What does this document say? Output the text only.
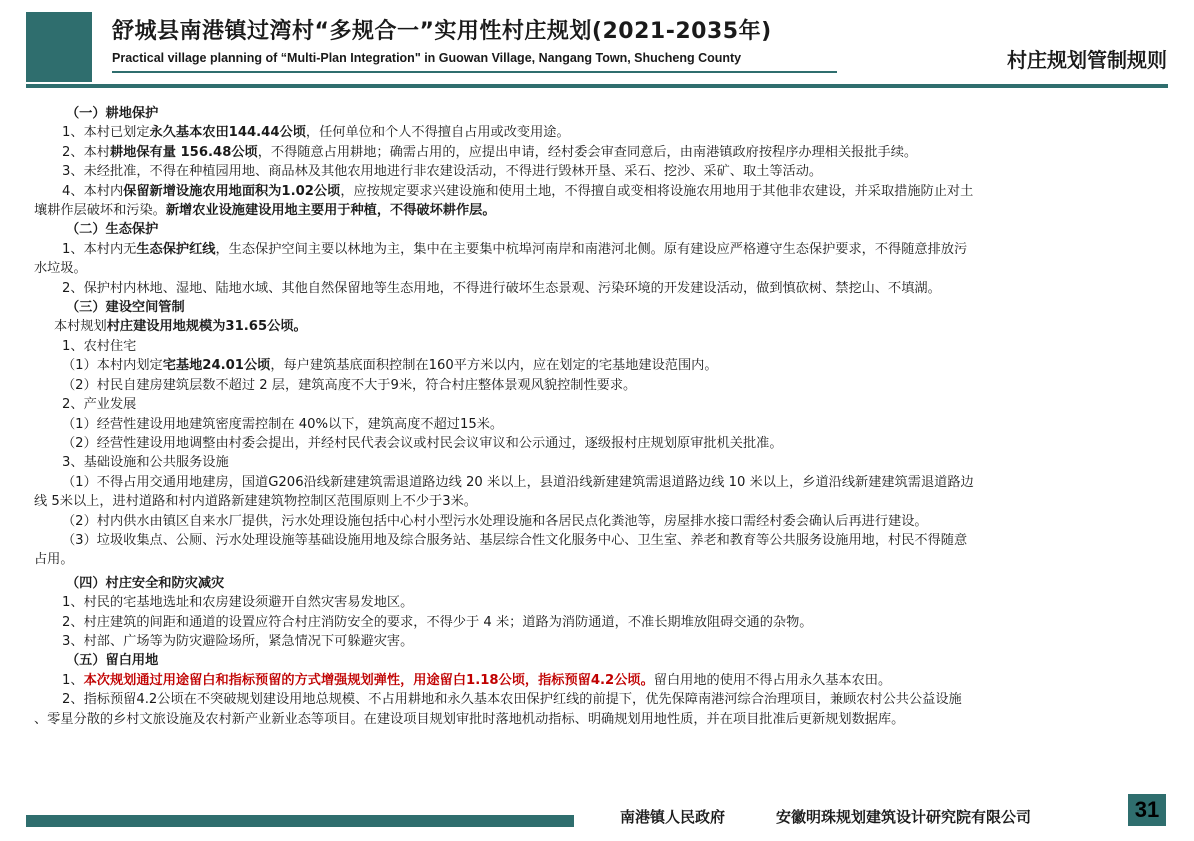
舒城县南港镇过湾村“多规合一”实用性村庄规划(2021-2035年)
Practical village planning of “Multi-Plan Integration" in Guowan Village, Nangang Town, Shucheng County	村庄规划管制规则

（一）耕地保护

1、本村已划定永久基本农田144.44公顷，任何单位和个人不得擅自占用或改变用途。

2、本村耕地保有量 156.48公顷，不得随意占用耕地；确需占用的，应提出申请，经村委会审查同意后，由南港镇政府按程序办理相关报批手续。

3、未经批准，不得在种植园用地、商品林及其他农用地进行非农建设活动，不得进行毁林开垦、采石、挖沙、采矿、取土等活动。

4、本村内保留新增设施农用地面积为1.02公顷，应按规定要求兴建设施和使用土地，不得擅自或变相将设施农用地用于其他非农建设，并采取措施防止对土

壤耕作层破坏和污染。新增农业设施建设用地主要用于种植，不得破坏耕作层。

（二）生态保护

1、本村内无生态保护红线，生态保护空间主要以林地为主，集中在主要集中杭埠河南岸和南港河北侧。原有建设应严格遵守生态保护要求，不得随意排放污

水垃圾。

2、保护村内林地、湿地、陆地水域、其他自然保留地等生态用地，不得进行破坏生态景观、污染环境的开发建设活动，做到慎砍树、禁挖山、不填湖。

（三）建设空间管制

本村规划村庄建设用地规模为31.65公顷。

1、农村住宅

（1）本村内划定宅基地24.01公顷，每户建筑基底面积控制在160平方米以内，应在划定的宅基地建设范围内。

（2）村民自建房建筑层数不超过 2 层，建筑高度不大于9米，符合村庄整体景观风貌控制性要求。

2、产业发展

（1）经营性建设用地建筑密度需控制在 40%以下，建筑高度不超过15米。

（2）经营性建设用地调整由村委会提出，并经村民代表会议或村民会议审议和公示通过，逐级报村庄规划原审批机关批准。

3、基础设施和公共服务设施

（1）不得占用交通用地建房，国道G206沿线新建建筑需退道路边线 20 米以上，县道沿线新建建筑需退道路边线 10 米以上，乡道沿线新建建筑需退道路边

线 5米以上，进村道路和村内道路新建建筑物控制区范围原则上不少于3米。

（2）村内供水由镇区自来水厂提供，污水处理设施包括中心村小型污水处理设施和各居民点化粪池等，房屋排水接口需经村委会确认后再进行建设。

（3）垃圾收集点、公厕、污水处理设施等基础设施用地及综合服务站、基层综合性文化服务中心、卫生室、养老和教育等公共服务设施用地，村民不得随意

占用。

（四）村庄安全和防灾减灾

1、村民的宅基地选址和农房建设须避开自然灾害易发地区。

2、村庄建筑的间距和通道的设置应符合村庄消防安全的要求，不得少于 4 米；道路为消防通道，不准长期堆放阻碍交通的杂物。

3、村部、广场等为防灾避险场所，紧急情况下可躲避灾害。

（五）留白用地

1、本次规划通过用途留白和指标预留的方式增强规划弹性，用途留白1.18公顷，指标预留4.2公顷。留白用地的使用不得占用永久基本农田。

2、指标预留4.2公顷在不突破规划建设用地总规模、不占用耕地和永久基本农田保护红线的前提下，优先保障南港河综合治理项目，兼顾农村公共公益设施

、零星分散的乡村文旅设施及农村新产业新业态等项目。在建设项目规划审批时落地机动指标、明确规划用地性质，并在项目批准后更新规划数据库。

南港镇人民政府	安徽明珠规划建筑设计研究院有限公司	31
